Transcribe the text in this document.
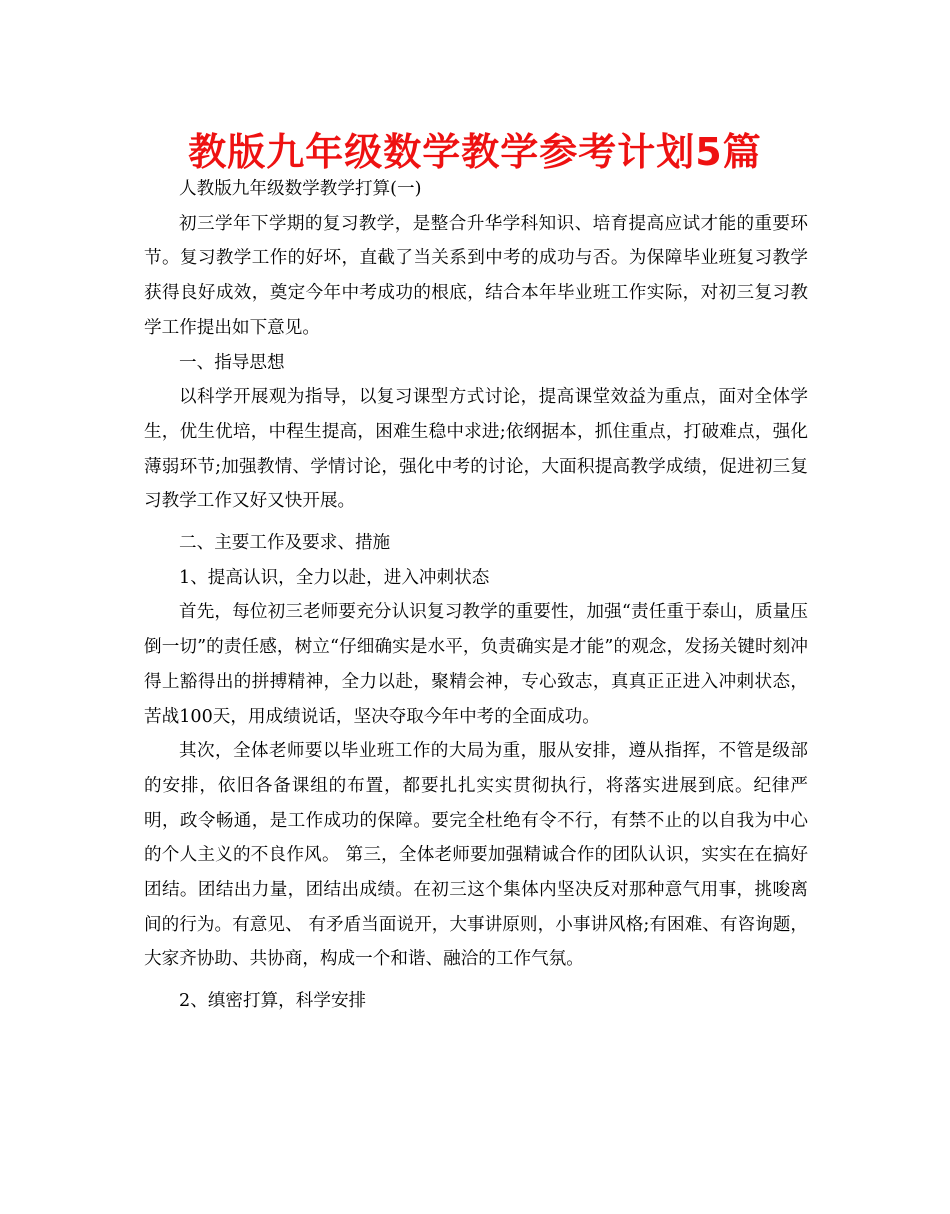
教版九年级数学教学参考计划5篇

人教版九年级数学教学打算(一)

初三学年下学期的复习教学，是整合升华学科知识、培育提高应试才能的重要环节。复习教学工作的好坏，直截了当关系到中考的成功与否。为保障毕业班复习教学获得良好成效，奠定今年中考成功的根底，结合本年毕业班工作实际，对初三复习教学工作提出如下意见。

一、指导思想

以科学开展观为指导，以复习课型方式讨论，提高课堂效益为重点，面对全体学生，优生优培，中程生提高，困难生稳中求进;依纲据本，抓住重点，打破难点，强化薄弱环节;加强教情、学情讨论，强化中考的讨论，大面积提高教学成绩，促进初三复习教学工作又好又快开展。

二、主要工作及要求、措施

1、提高认识，全力以赴，进入冲刺状态

首先，每位初三老师要充分认识复习教学的重要性，加强“责任重于泰山，质量压倒一切”的责任感，树立“仔细确实是水平，负责确实是才能”的观念，发扬关键时刻冲得上豁得出的拼搏精神，全力以赴，聚精会神，专心致志，真真正正进入冲刺状态，苦战100天，用成绩说话，坚决夺取今年中考的全面成功。

其次，全体老师要以毕业班工作的大局为重，服从安排，遵从指挥，不管是级部的安排，依旧各备课组的布置，都要扎扎实实贯彻执行，将落实进展到底。纪律严 明，政令畅通，是工作成功的保障。要完全杜绝有令不行，有禁不止的以自我为中心的个人主义的不良作风。 第三，全体老师要加强精诚合作的团队认识，实实在在搞好团结。团结出力量，团结出成绩。在初三这个集体内坚决反对那种意气用事，挑唆离间的行为。有意见、 有矛盾当面说开，大事讲原则，小事讲风格;有困难、有咨询题，大家齐协助、共协商，构成一个和谐、融洽的工作气氛。

2、缜密打算，科学安排
